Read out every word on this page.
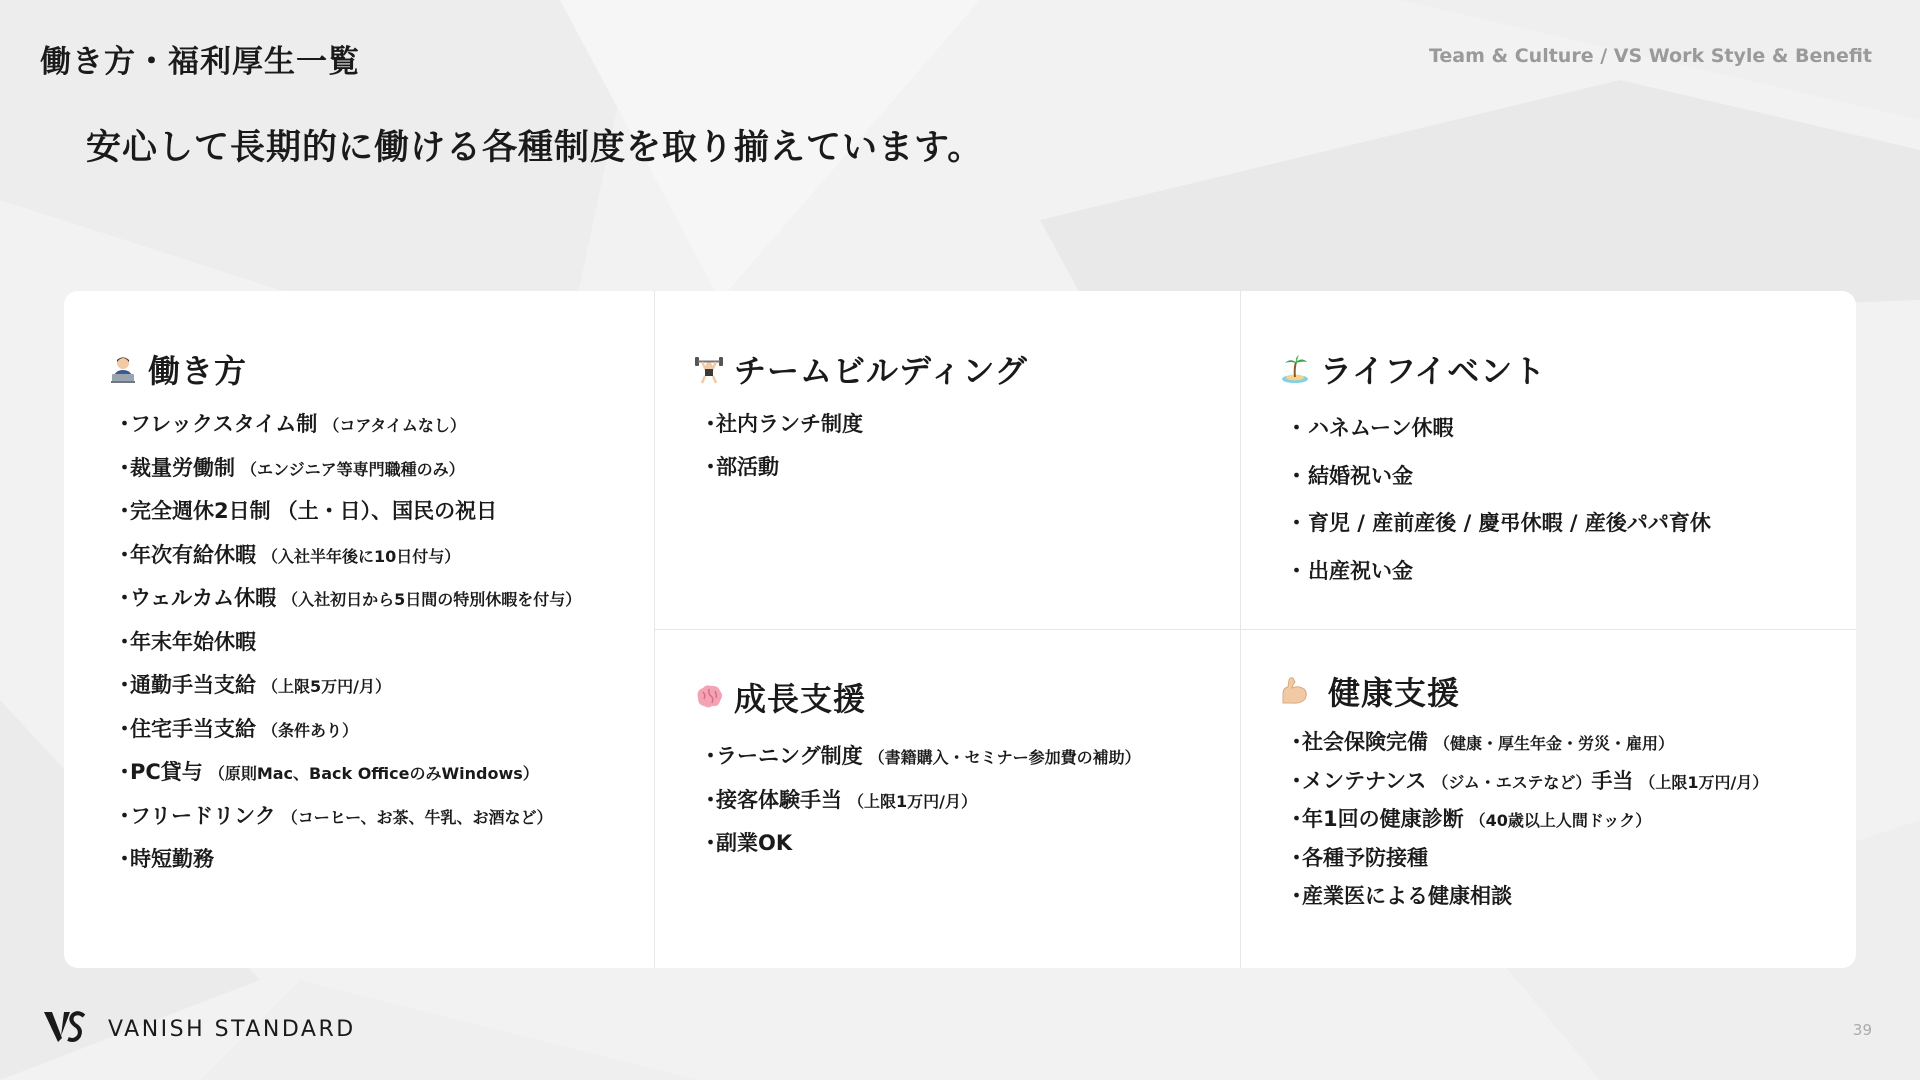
働き方・福利厚生一覧	Team & Culture / VS Work Style & Benefit
安心して長期的に働ける各種制度を取り揃えています。
働き方
・フレックスタイム制 （コアタイムなし）
・裁量労働制 （エンジニア等専門職種のみ）
・完全週休2日制 （土・日）、国民の祝日
・年次有給休暇 （入社半年後に10日付与）
・ウェルカム休暇 （入社初日から5日間の特別休暇を付与）
・年末年始休暇
・通勤手当支給 （上限5万円/月）
・住宅手当支給 （条件あり）
・PC貸与 （原則Mac、Back OfficeのみWindows）
・フリードリンク （コーヒー、お茶、牛乳、お酒など）
・時短勤務
チームビルディング
・社内ランチ制度
・部活動
ライフイベント
・ハネムーン休暇
・結婚祝い金
・育児 / 産前産後 / 慶弔休暇 / 産後パパ育休
・出産祝い金
成長支援
・ラーニング制度 （書籍購入・セミナー参加費の補助）
・接客体験手当 （上限1万円/月）
・副業OK
健康支援
・社会保険完備 （健康・厚生年金・労災・雇用）
・メンテナンス （ジム・エステなど）手当 （上限1万円/月）
・年1回の健康診断 （40歳以上人間ドック）
・各種予防接種
・産業医による健康相談
VANISH STANDARD	39
